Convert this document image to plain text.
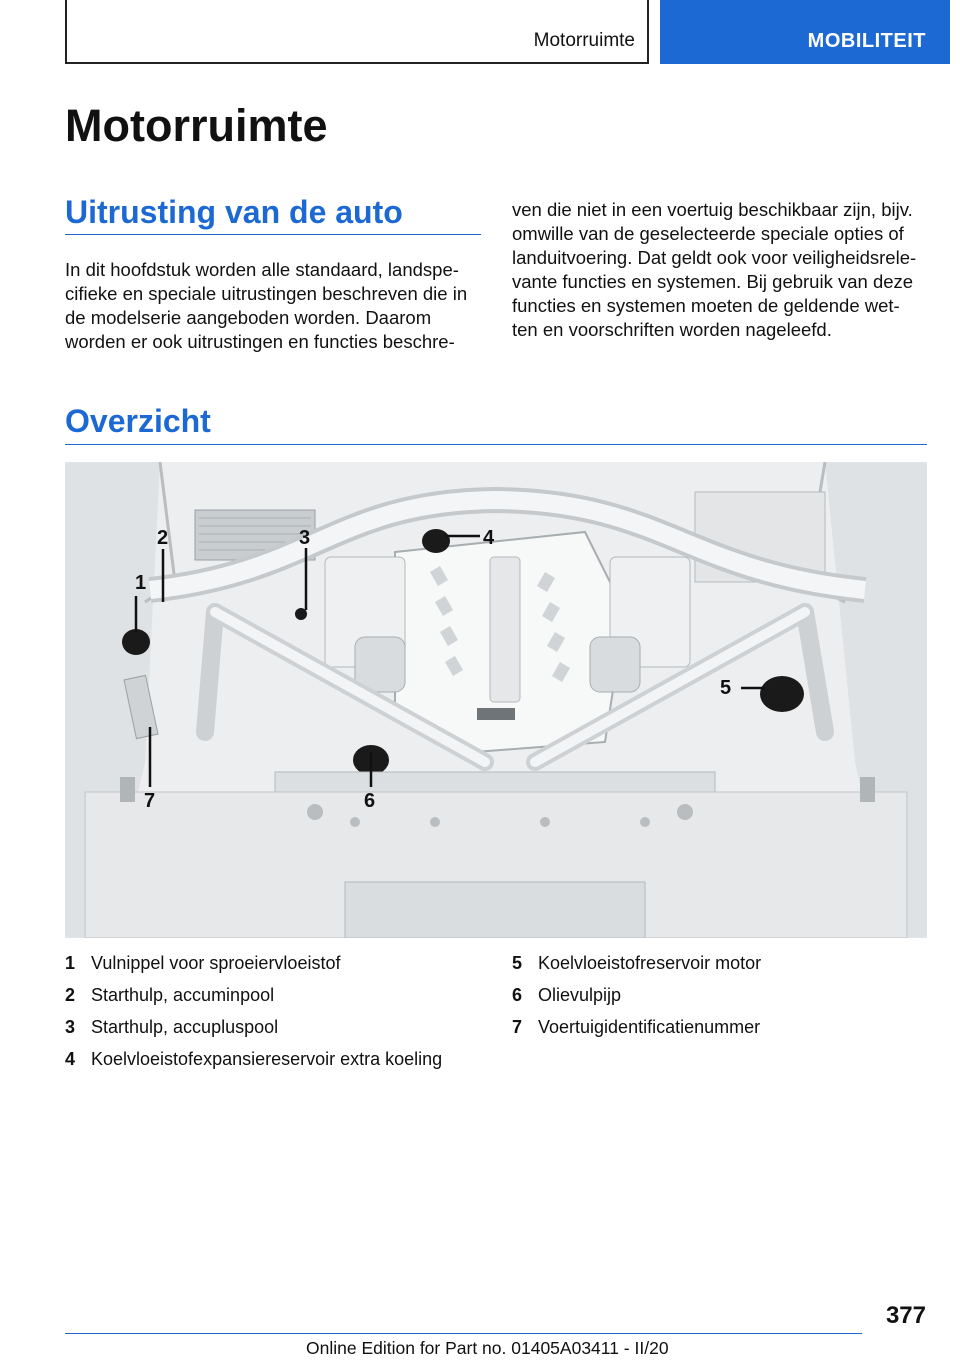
Motorruimte	MOBILITEIT
Motorruimte
Uitrusting van de auto
In dit hoofdstuk worden alle standaard, landspe-
cifieke en speciale uitrustingen beschreven die in
de modelserie aangeboden worden. Daarom
worden er ook uitrustingen en functies beschre-
ven die niet in een voertuig beschikbaar zijn, bijv.
omwille van de geselecteerde speciale opties of
landuitvoering. Dat geldt ook voor veiligheidsrele-
vante functies en systemen. Bij gebruik van deze
functies en systemen moeten de geldende wet-
ten en voorschriften worden nageleefd.
Overzicht
1
2	3	4
5
6
7
1 Vulnippel voor sproeiervloeistof
2 Starthulp, accuminpool
3 Starthulp, accupluspool
4 Koelvloeistofexpansiereservoir extra koeling
5 Koelvloeistofreservoir motor
6 Olievulpijp
7 Voertuigidentificatienummer
377
Online Edition for Part no. 01405A03411 - II/20
